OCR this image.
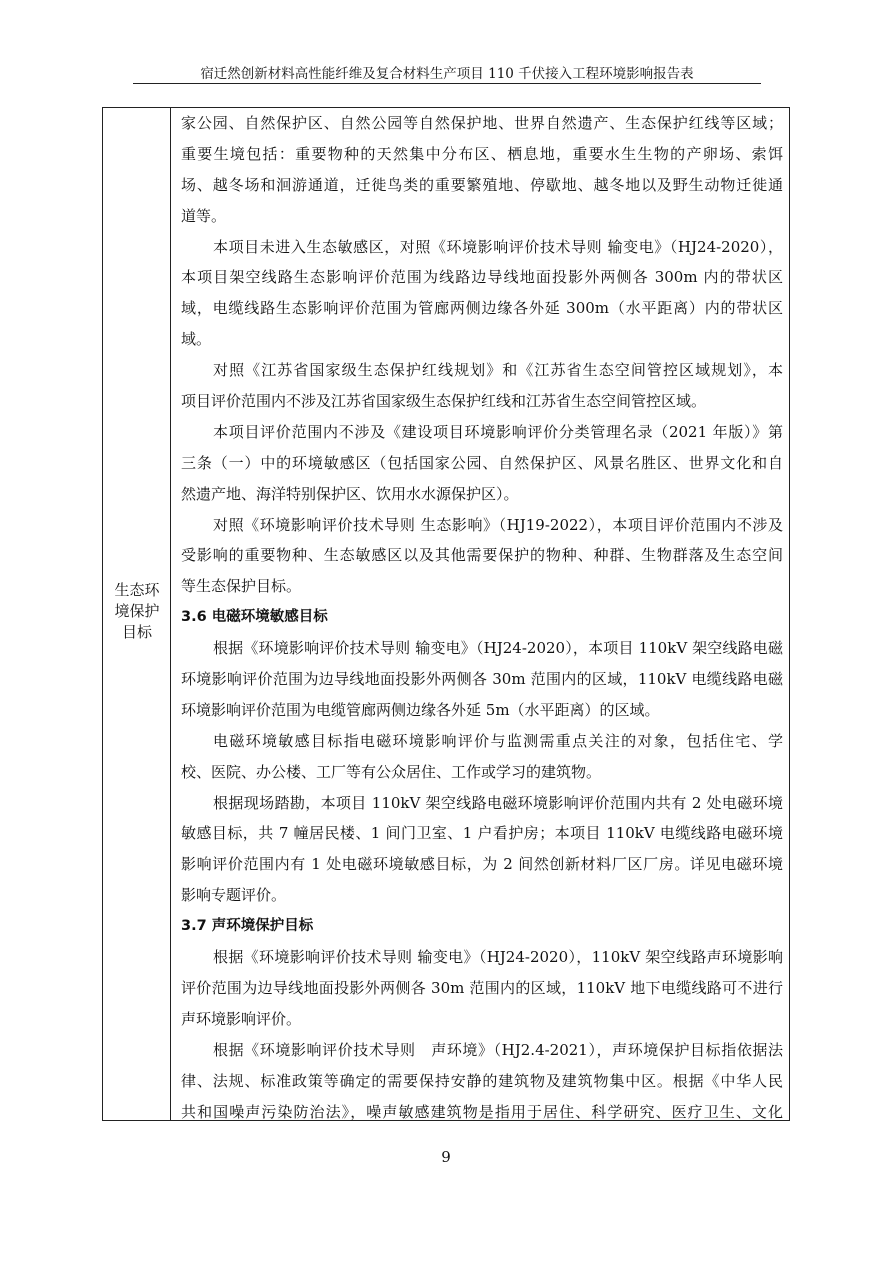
宿迁然创新材料高性能纤维及复合材料生产项目 110 千伏接入工程环境影响报告表
生态环
境保护
目标
家公园、自然保护区、自然公园等自然保护地、世界自然遗产、生态保护红线等区域；
重要生境包括：重要物种的天然集中分布区、栖息地，重要水生生物的产卵场、索饵
场、越冬场和洄游通道，迁徙鸟类的重要繁殖地、停歇地、越冬地以及野生动物迁徙通
道等。
本项目未进入生态敏感区，对照《环境影响评价技术导则 输变电》（HJ24-2020），
本项目架空线路生态影响评价范围为线路边导线地面投影外两侧各 300m 内的带状区
域，电缆线路生态影响评价范围为管廊两侧边缘各外延 300m（水平距离）内的带状区
域。
对照《江苏省国家级生态保护红线规划》和《江苏省生态空间管控区域规划》，本
项目评价范围内不涉及江苏省国家级生态保护红线和江苏省生态空间管控区域。
本项目评价范围内不涉及《建设项目环境影响评价分类管理名录（2021 年版）》第
三条（一）中的环境敏感区（包括国家公园、自然保护区、风景名胜区、世界文化和自
然遗产地、海洋特别保护区、饮用水水源保护区）。
对照《环境影响评价技术导则 生态影响》（HJ19-2022），本项目评价范围内不涉及
受影响的重要物种、生态敏感区以及其他需要保护的物种、种群、生物群落及生态空间
等生态保护目标。
3.6 电磁环境敏感目标
根据《环境影响评价技术导则 输变电》（HJ24-2020），本项目 110kV 架空线路电磁
环境影响评价范围为边导线地面投影外两侧各 30m 范围内的区域，110kV 电缆线路电磁
环境影响评价范围为电缆管廊两侧边缘各外延 5m（水平距离）的区域。
电磁环境敏感目标指电磁环境影响评价与监测需重点关注的对象，包括住宅、学
校、医院、办公楼、工厂等有公众居住、工作或学习的建筑物。
根据现场踏勘，本项目 110kV 架空线路电磁环境影响评价范围内共有 2 处电磁环境
敏感目标，共 7 幢居民楼、1 间门卫室、1 户看护房；本项目 110kV 电缆线路电磁环境
影响评价范围内有 1 处电磁环境敏感目标，为 2 间然创新材料厂区厂房。详见电磁环境
影响专题评价。
3.7 声环境保护目标
根据《环境影响评价技术导则 输变电》（HJ24-2020），110kV 架空线路声环境影响
评价范围为边导线地面投影外两侧各 30m 范围内的区域，110kV 地下电缆线路可不进行
声环境影响评价。
根据《环境影响评价技术导则　声环境》（HJ2.4-2021），声环境保护目标指依据法
律、法规、标准政策等确定的需要保持安静的建筑物及建筑物集中区。根据《中华人民
共和国噪声污染防治法》，噪声敏感建筑物是指用于居住、科学研究、医疗卫生、文化
9
